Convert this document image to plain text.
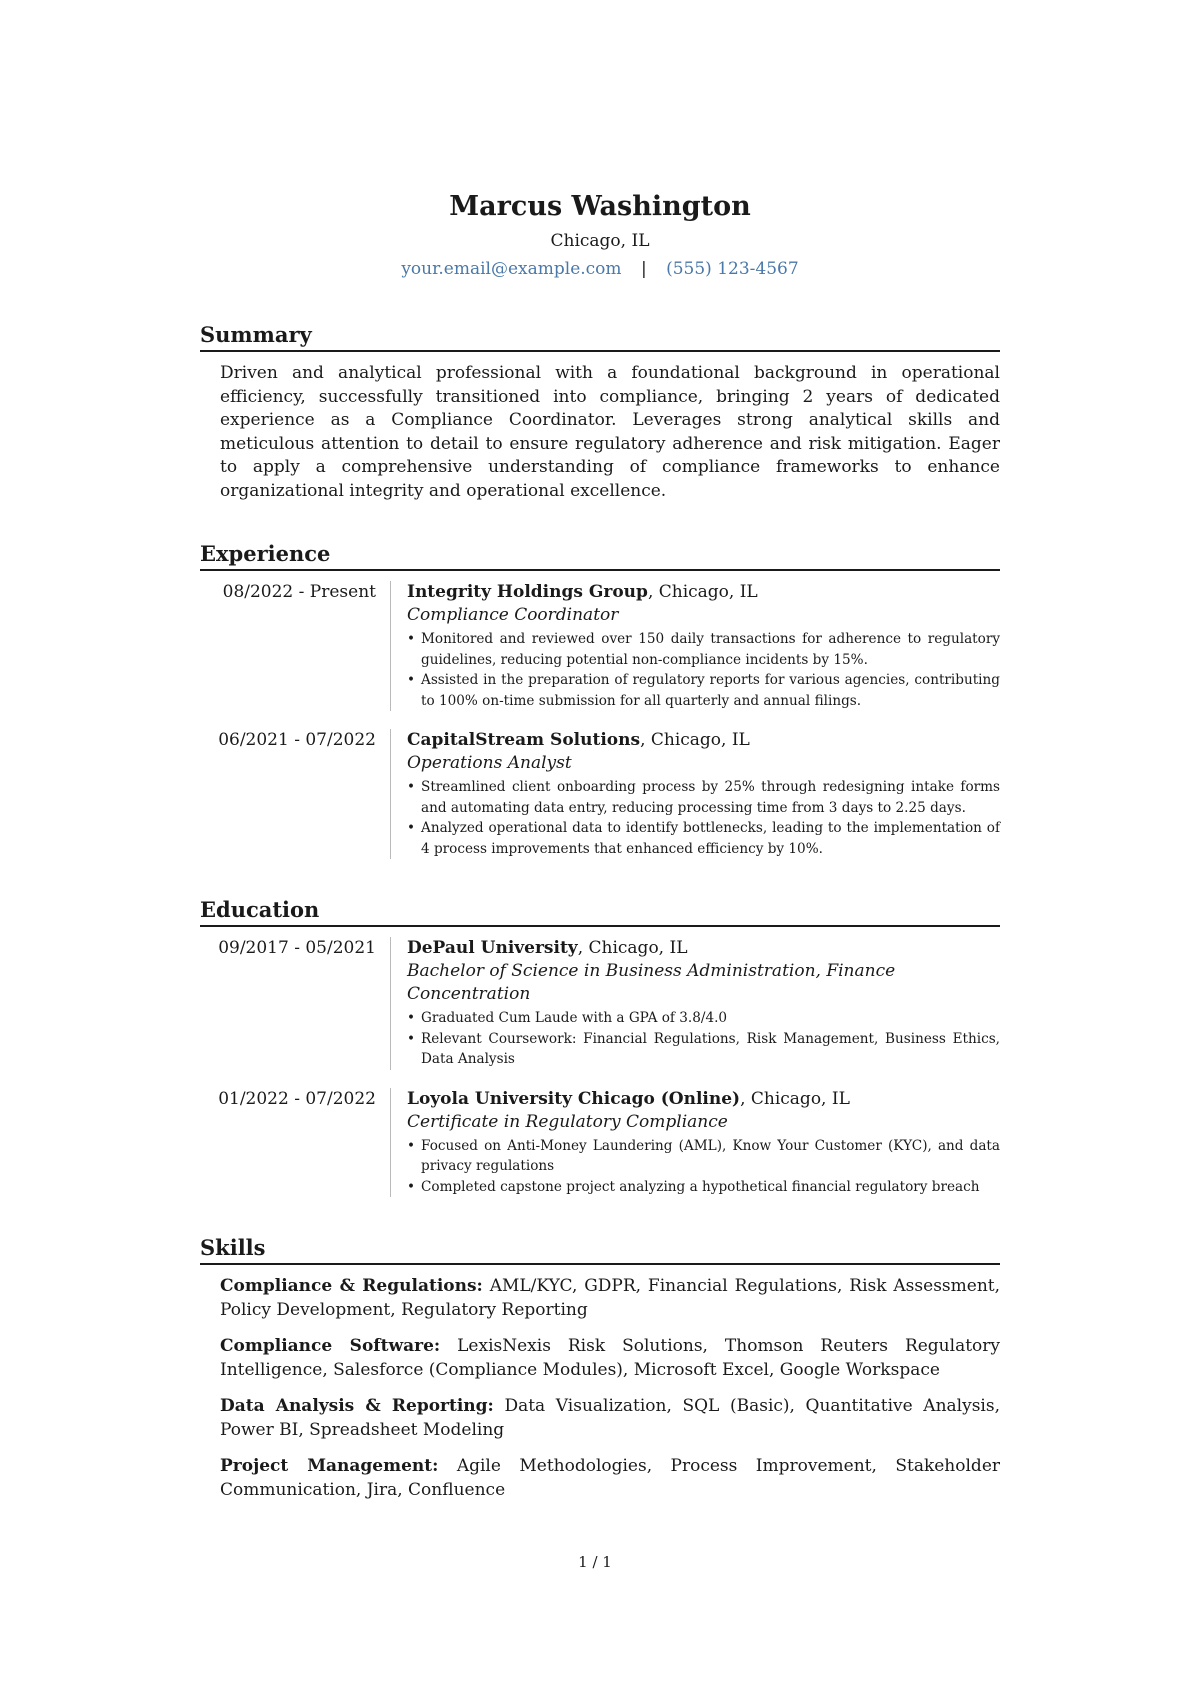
Marcus Washington
Chicago, IL
your.email@example.com | (555) 123-4567
Summary

Driven and analytical professional with a foundational background in operational efficiency, successfully transitioned into compliance, bringing 2 years of dedicated experience as a Compliance Coordinator. Leverages strong analytical skills and meticulous attention to detail to ensure regulatory adherence and risk mitigation. Eager to apply a comprehensive understanding of compliance frameworks to enhance organizational integrity and operational excellence.

Experience
08/2022 - Present	Integrity Holdings Group, Chicago, IL
Compliance Coordinator
• Monitored and reviewed over 150 daily transactions for adherence to regulatory guidelines, reducing potential non-compliance incidents by 15%.
• Assisted in the preparation of regulatory reports for various agencies, contributing to 100% on-time submission for all quarterly and annual filings.
06/2021 - 07/2022	CapitalStream Solutions, Chicago, IL
Operations Analyst
• Streamlined client onboarding process by 25% through redesigning intake forms and automating data entry, reducing processing time from 3 days to 2.25 days.
• Analyzed operational data to identify bottlenecks, leading to the implementation of 4 process improvements that enhanced efficiency by 10%.
Education
09/2017 - 05/2021	DePaul University, Chicago, IL
Bachelor of Science in Business Administration, Finance Concentration
• Graduated Cum Laude with a GPA of 3.8/4.0
• Relevant Coursework: Financial Regulations, Risk Management, Business Ethics, Data Analysis
01/2022 - 07/2022	Loyola University Chicago (Online), Chicago, IL
Certificate in Regulatory Compliance
• Focused on Anti-Money Laundering (AML), Know Your Customer (KYC), and data privacy regulations
• Completed capstone project analyzing a hypothetical financial regulatory breach
Skills
Compliance & Regulations: AML/KYC, GDPR, Financial Regulations, Risk Assessment, Policy Development, Regulatory Reporting
Compliance Software: LexisNexis Risk Solutions, Thomson Reuters Regulatory Intelligence, Salesforce (Compliance Modules), Microsoft Excel, Google Workspace
Data Analysis & Reporting: Data Visualization, SQL (Basic), Quantitative Analysis, Power BI, Spreadsheet Modeling
Project Management: Agile Methodologies, Process Improvement, Stakeholder Communication, Jira, Confluence
1 / 1
